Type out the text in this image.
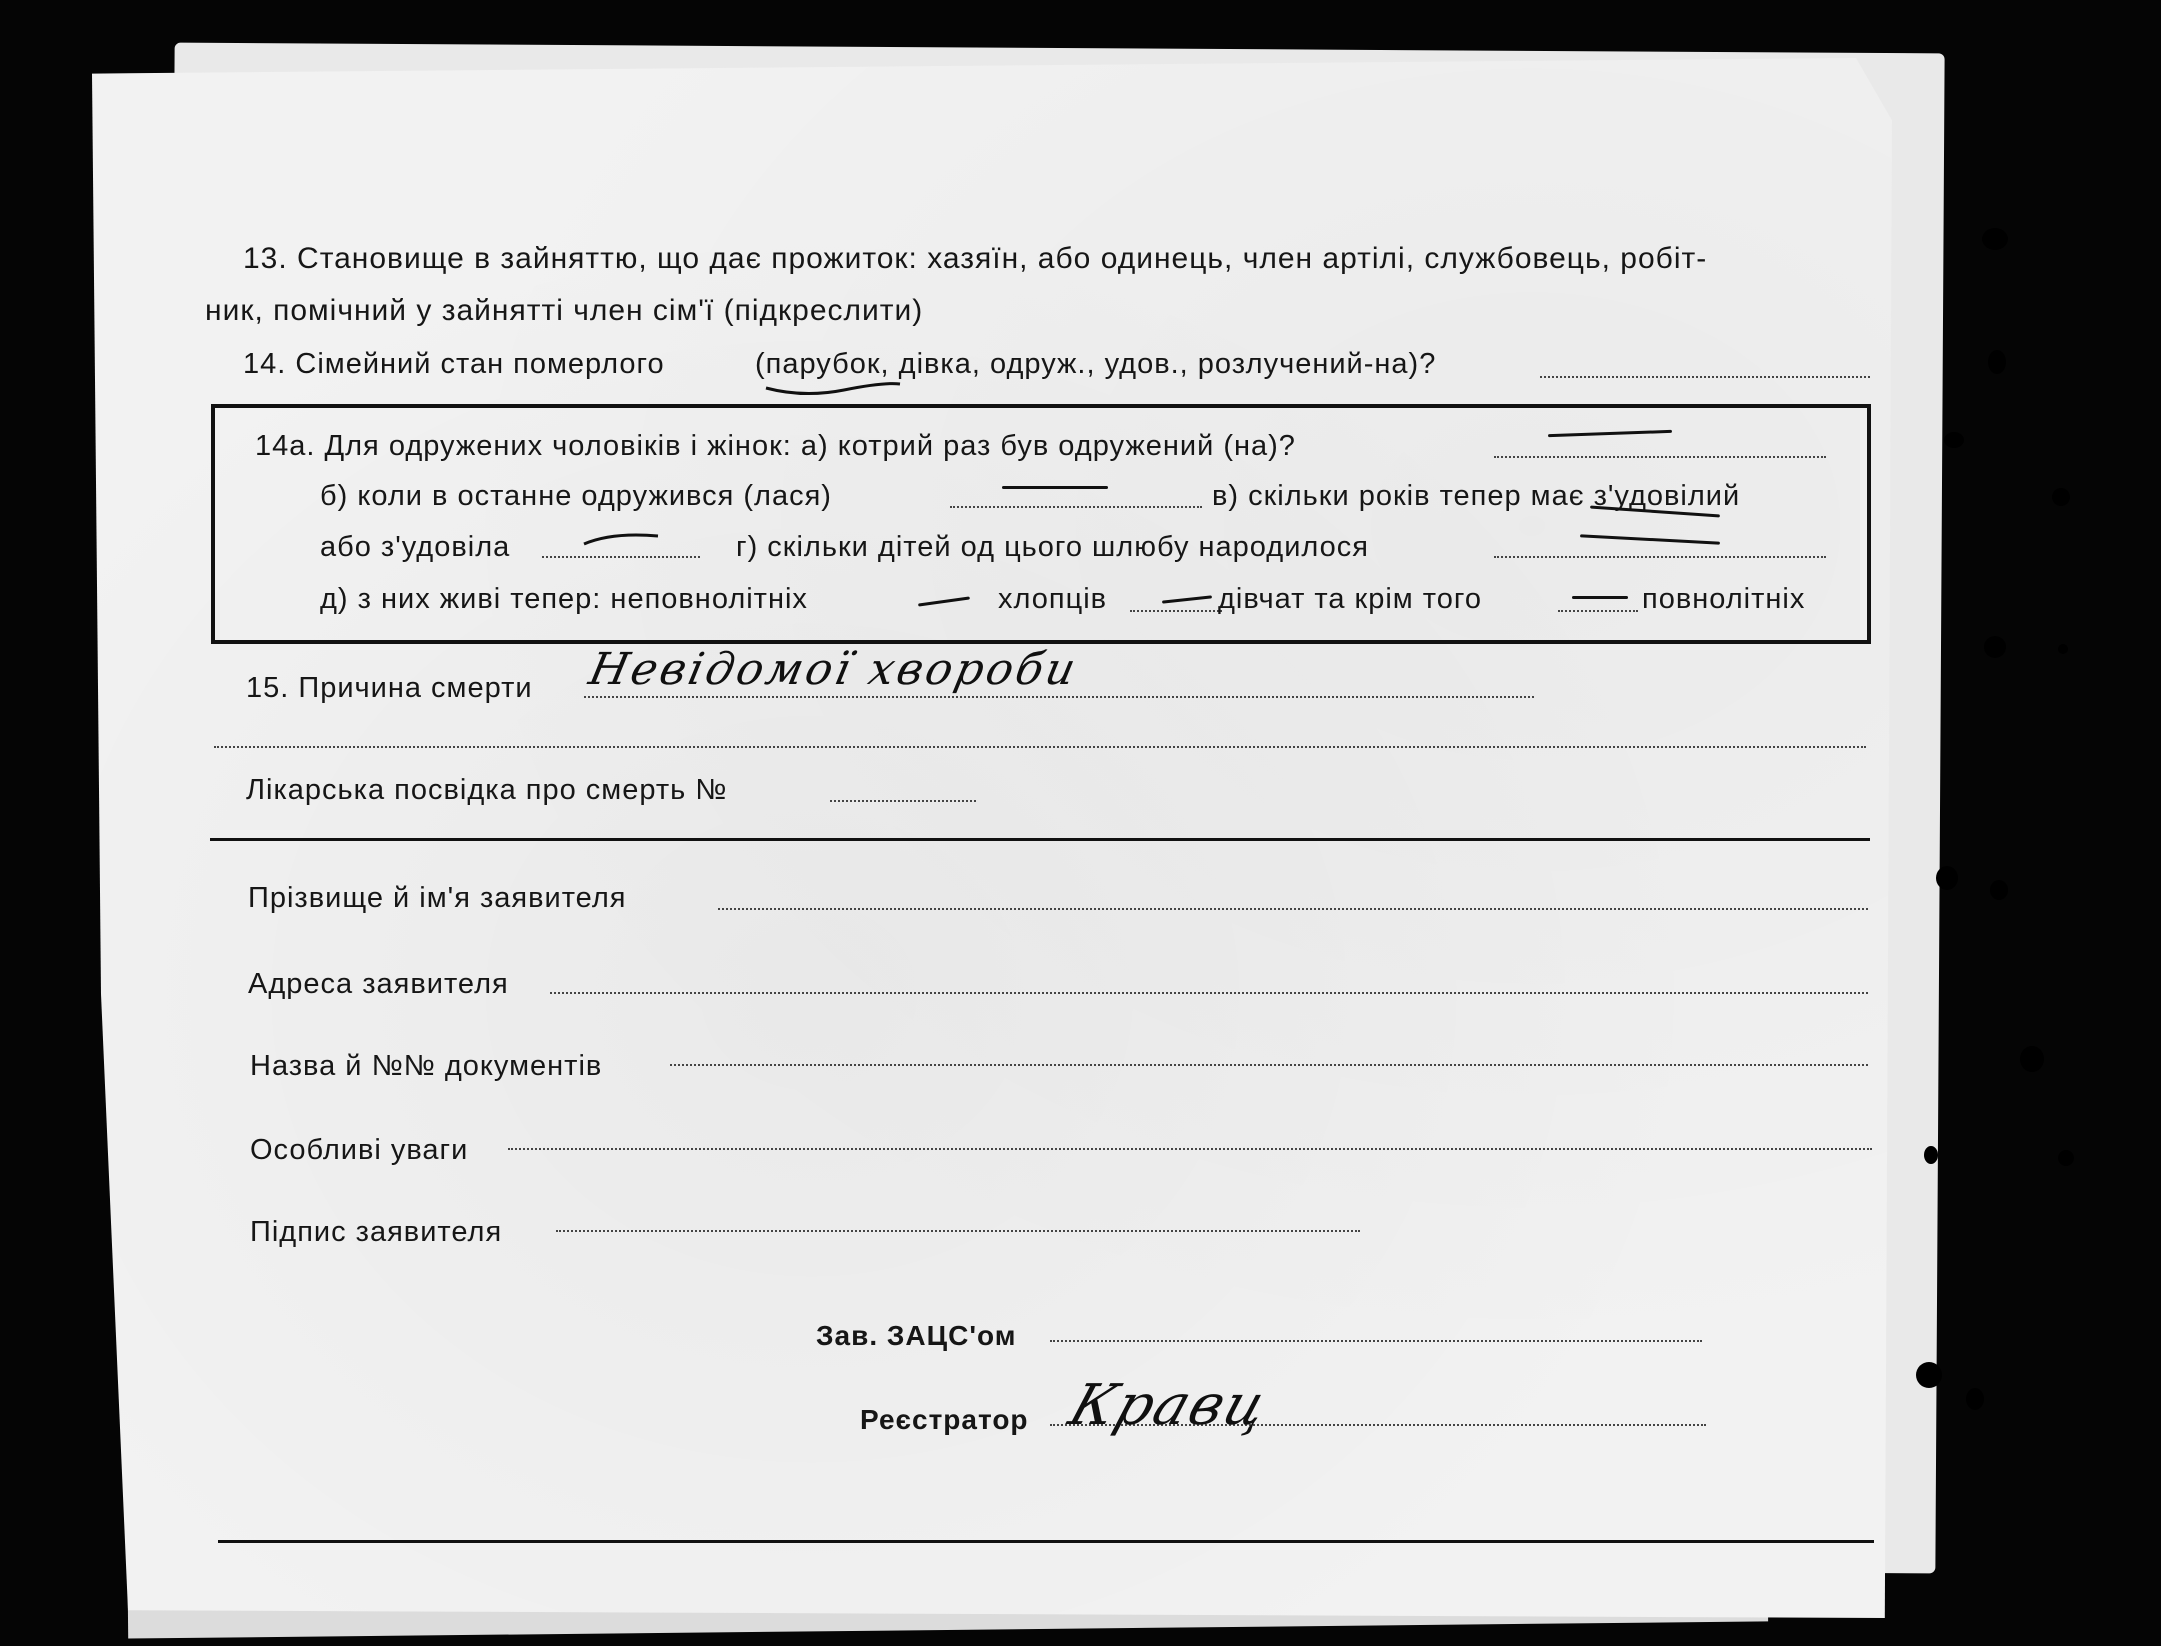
13. Становище в зайняттю, що дає прожиток: хазяїн, або одинець, член артілі, службовець, робіт-
ник, помічний у зайнятті член сім'ї (підкреслити)
14. Сімейний стан померлого	(парубок, дівка, одруж., удов., розлучений-на)?
14а. Для одружених чоловіків і жінок: а) котрий раз був одружений (на)?
б) коли в останне одружився (лася)	в) скільки років тепер має з'удовілий
або з'удовіла	г) скільки дітей од цього шлюбу народилося
д) з них живі тепер: неповнолітніх	хлопців	дівчат та крім того	повнолітніх
15. Причина смерти Невідомої хвороби
Лікарська посвідка про смерть №
Прізвище й ім'я заявителя
Адреса заявителя
Назва й №№ документів
Особливі уваги
Підпис заявителя
Зав. ЗАЦС'ом
Реєстратор Кравц
